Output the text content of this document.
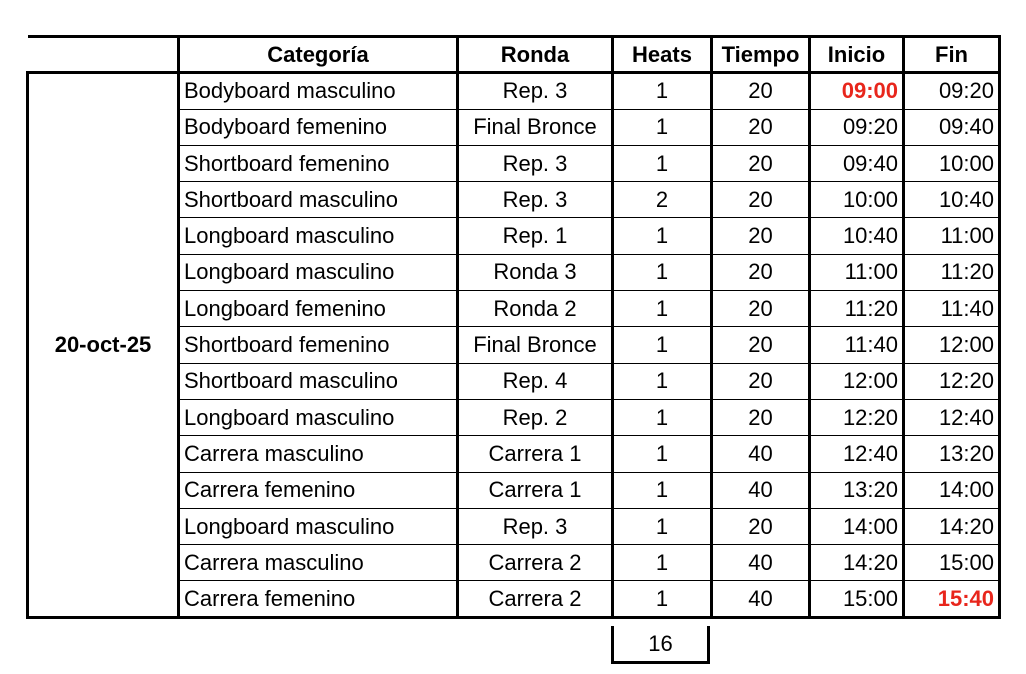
	Categoría	Ronda	Heats	Tiempo	Inicio	Fin
20-oct-25	Bodyboard masculino	Rep. 3	1	20	09:00	09:20
	Bodyboard femenino	Final Bronce	1	20	09:20	09:40
	Shortboard femenino	Rep. 3	1	20	09:40	10:00
	Shortboard masculino	Rep. 3	2	20	10:00	10:40
	Longboard masculino	Rep. 1	1	20	10:40	11:00
	Longboard masculino	Ronda 3	1	20	11:00	11:20
	Longboard femenino	Ronda 2	1	20	11:20	11:40
	Shortboard femenino	Final Bronce	1	20	11:40	12:00
	Shortboard masculino	Rep. 4	1	20	12:00	12:20
	Longboard masculino	Rep. 2	1	20	12:20	12:40
	Carrera masculino	Carrera 1	1	40	12:40	13:20
	Carrera femenino	Carrera 1	1	40	13:20	14:00
	Longboard masculino	Rep. 3	1	20	14:00	14:20
	Carrera masculino	Carrera 2	1	40	14:20	15:00
	Carrera femenino	Carrera 2	1	40	15:00	15:40
16
